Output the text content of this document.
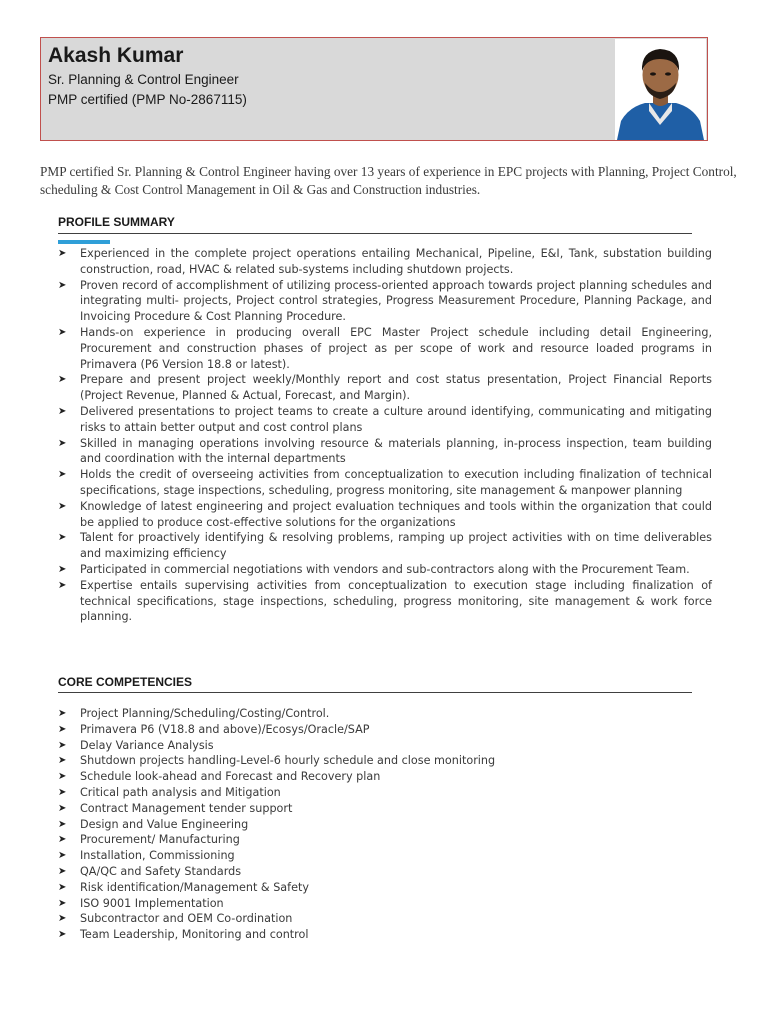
Akash Kumar
Sr. Planning & Control Engineer
PMP certified (PMP No-2867115)
PMP certified Sr. Planning & Control Engineer having over 13 years of experience in EPC projects with Planning, Project Control, scheduling & Cost Control Management in Oil & Gas and Construction industries.
PROFILE SUMMARY
➤ Experienced in the complete project operations entailing Mechanical, Pipeline, E&I, Tank, substation building construction, road, HVAC & related sub-systems including shutdown projects.
➤ Proven record of accomplishment of utilizing process-oriented approach towards project planning schedules and integrating multi- projects, Project control strategies, Progress Measurement Procedure, Planning Package, and Invoicing Procedure & Cost Planning Procedure.
➤ Hands-on experience in producing overall EPC Master Project schedule including detail Engineering, Procurement and construction phases of project as per scope of work and resource loaded programs in Primavera (P6 Version 18.8 or latest).
➤ Prepare and present project weekly/Monthly report and cost status presentation, Project Financial Reports (Project Revenue, Planned & Actual, Forecast, and Margin).
➤ Delivered presentations to project teams to create a culture around identifying, communicating and mitigating risks to attain better output and cost control plans
➤ Skilled in managing operations involving resource & materials planning, in-process inspection, team building and coordination with the internal departments
➤ Holds the credit of overseeing activities from conceptualization to execution including finalization of technical specifications, stage inspections, scheduling, progress monitoring, site management & manpower planning
➤ Knowledge of latest engineering and project evaluation techniques and tools within the organization that could be applied to produce cost-effective solutions for the organizations
➤ Talent for proactively identifying & resolving problems, ramping up project activities with on time deliverables and maximizing efficiency
➤ Participated in commercial negotiations with vendors and sub-contractors along with the Procurement Team.
➤ Expertise entails supervising activities from conceptualization to execution stage including finalization of technical specifications, stage inspections, scheduling, progress monitoring, site management & work force planning.
CORE COMPETENCIES
➤ Project Planning/Scheduling/Costing/Control.
➤ Primavera P6 (V18.8 and above)/Ecosys/Oracle/SAP
➤ Delay Variance Analysis
➤ Shutdown projects handling-Level-6 hourly schedule and close monitoring
➤ Schedule look-ahead and Forecast and Recovery plan
➤ Critical path analysis and Mitigation
➤ Contract Management tender support
➤ Design and Value Engineering
➤ Procurement/ Manufacturing
➤ Installation, Commissioning
➤ QA/QC and Safety Standards
➤ Risk identification/Management & Safety
➤ ISO 9001 Implementation
➤ Subcontractor and OEM Co-ordination
➤ Team Leadership, Monitoring and control
